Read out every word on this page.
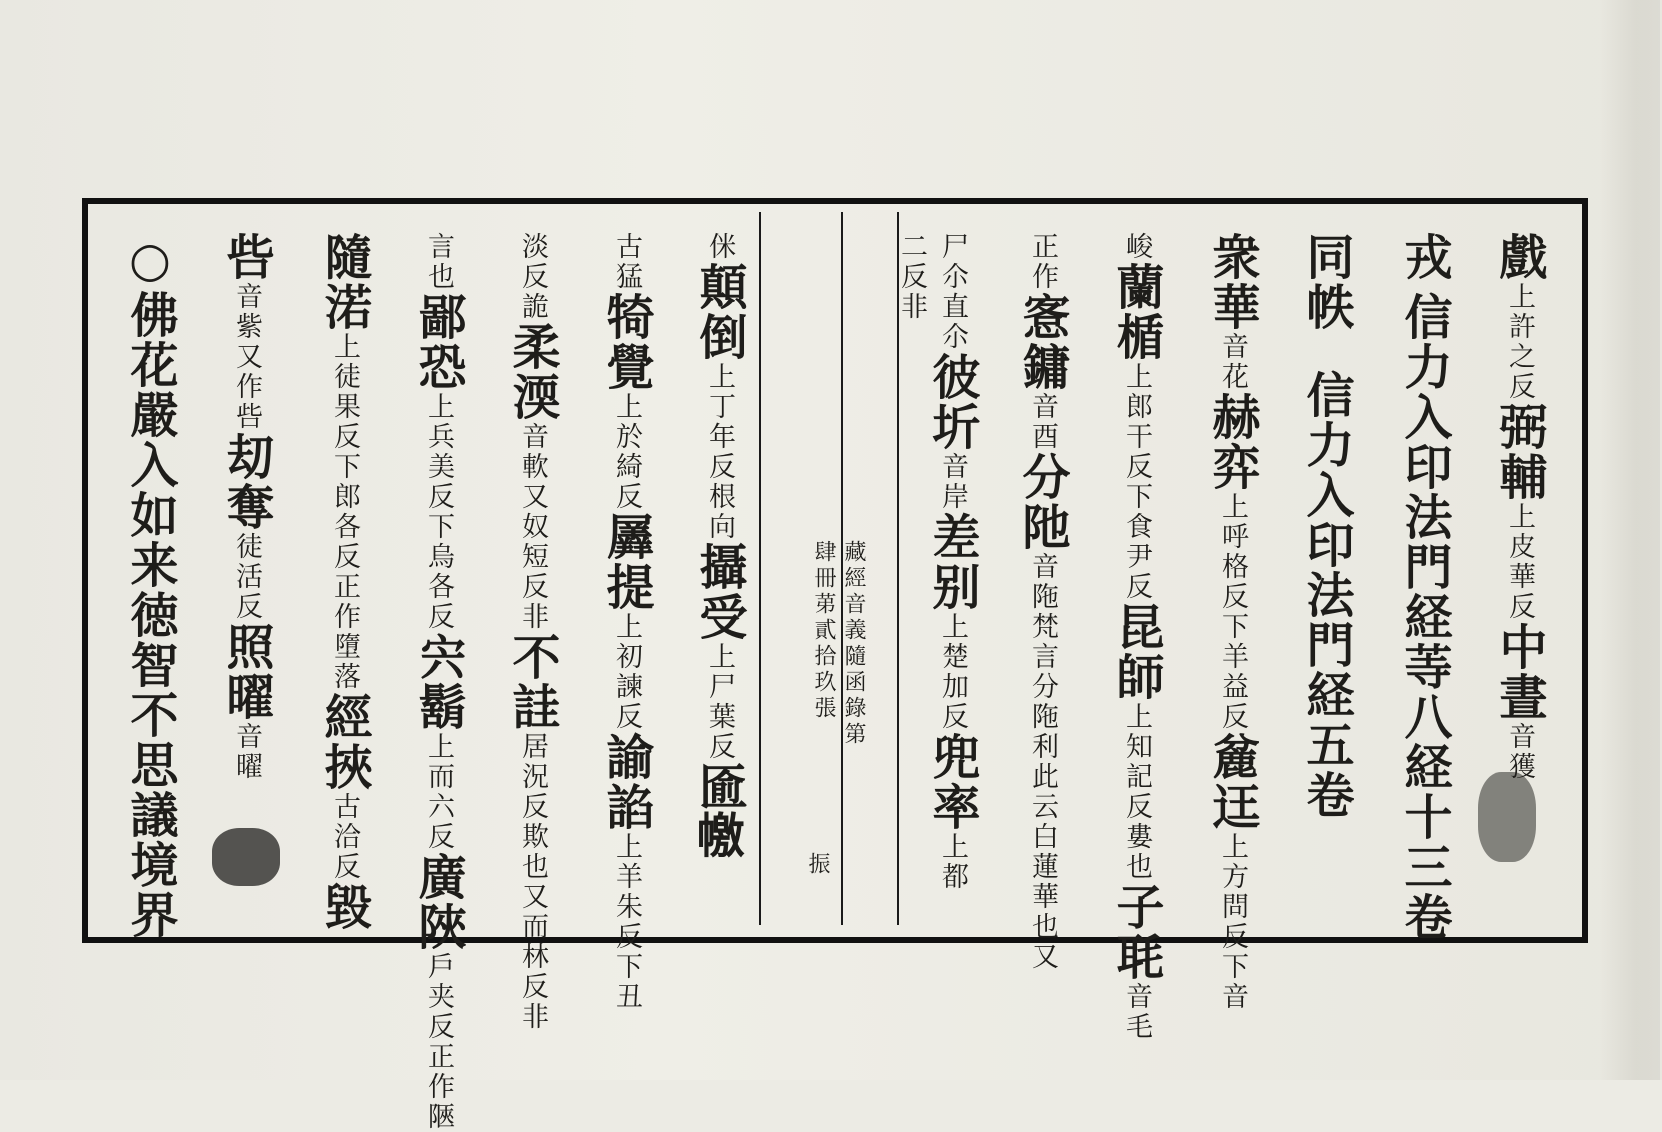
戲上許之反弼輔上皮華反中晝音獲
戎信力入印法門経䓁八経十三卷
同帙信力入印法門経五卷
衆華音花赫弈上呼格反下羊益反麄迋上方問反下音
峻蘭楯上郎干反下食尹反昆師上知記反婁也子毦音毛
正作愙鏞音酉分阤音陁梵言分陁利此云白蓮華也又
尸尒直尒彼圻音岸差别上楚加反兜率上都
二反非
藏經音義隨函錄第
肆冊苐貳拾玖張
振
侎顛倒上丁年反根向攝受上尸葉反匬𢅎
古猛犄覺上於綺反羼提上初諫反諭諂上羊朱反下丑
淡反詭柔渜音軟又奴短反非不詿居況反欺也又而林反非
言也鄙恐上兵美反下烏各反宍鬍上而六反廣陜戶夹反正作陿
隨渃上徒果反下郎各反正作墮落經挾古洽反毀
呰音紫又作呰刧奪徒活反照曜音曜
○佛花嚴入如来徳智不思議境界
